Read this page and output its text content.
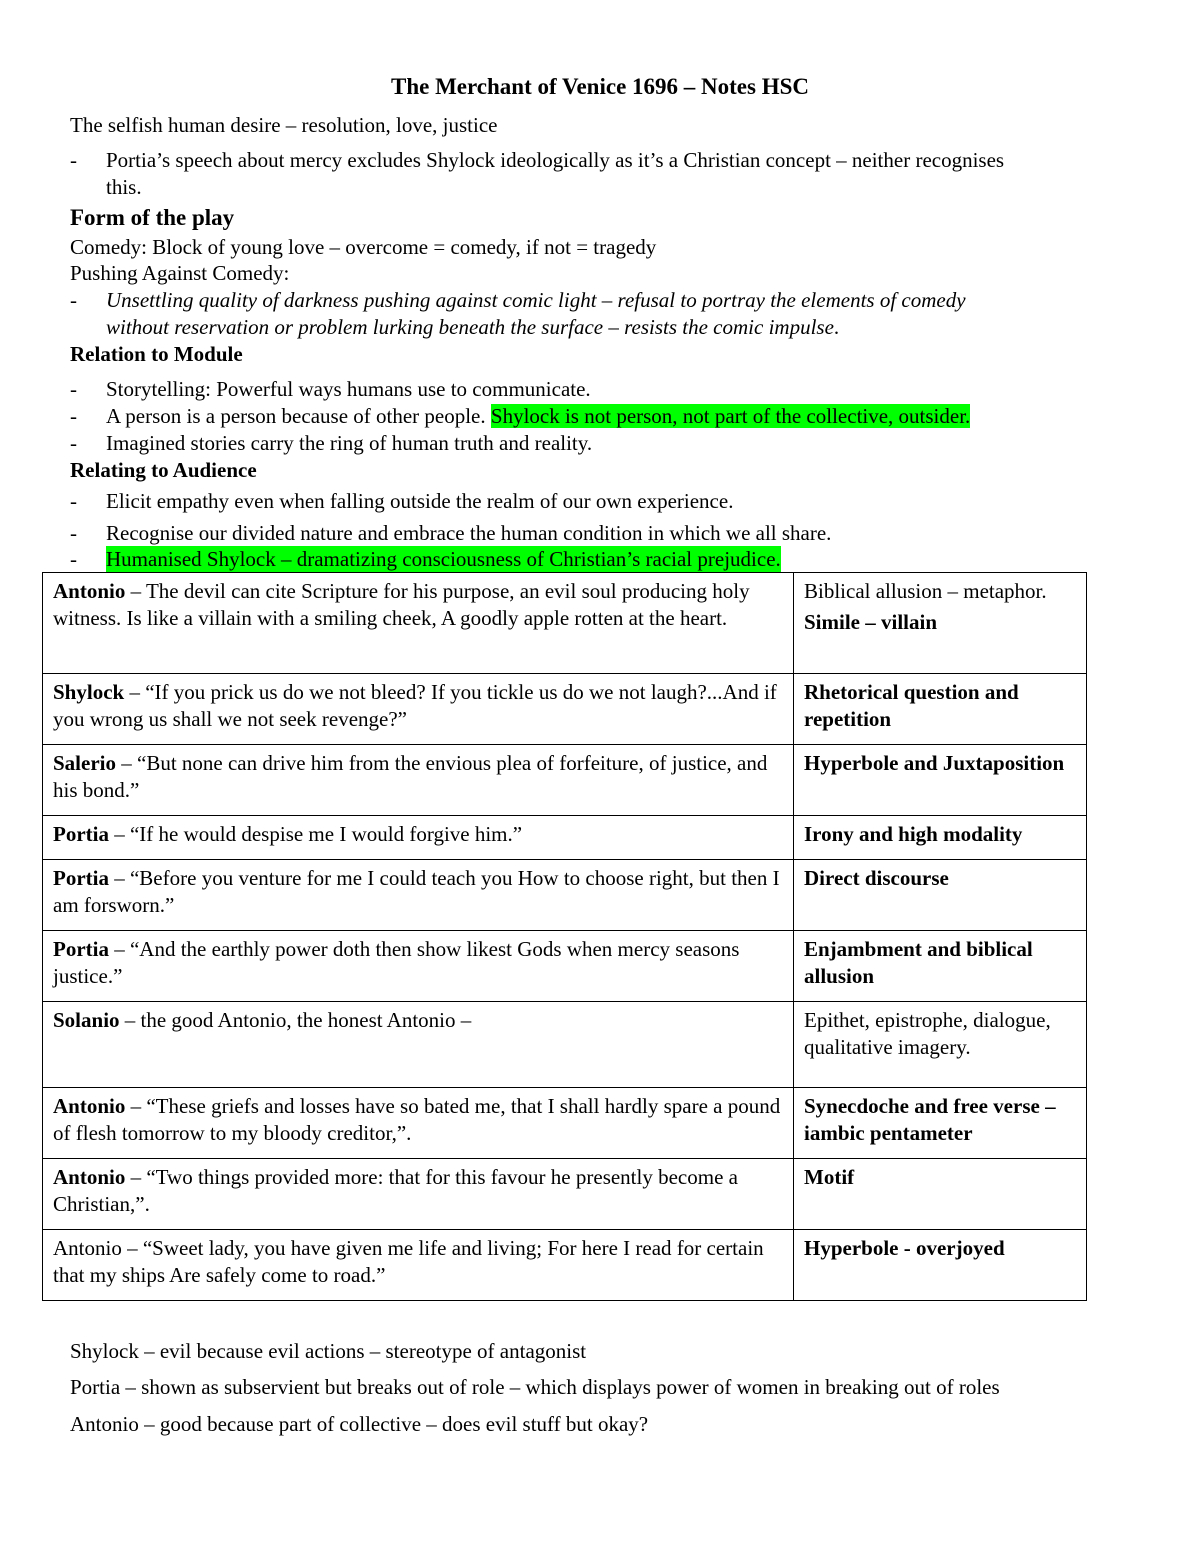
The Merchant of Venice 1696 – Notes HSC
The selfish human desire – resolution, love, justice
- Portia’s speech about mercy excludes Shylock ideologically as it’s a Christian concept – neither recognises
this.
Form of the play
Comedy: Block of young love – overcome = comedy, if not = tragedy
Pushing Against Comedy:
- Unsettling quality of darkness pushing against comic light – refusal to portray the elements of comedy
without reservation or problem lurking beneath the surface – resists the comic impulse.
Relation to Module
- Storytelling: Powerful ways humans use to communicate.
- A person is a person because of other people. Shylock is not person, not part of the collective, outsider.
- Imagined stories carry the ring of human truth and reality.
Relating to Audience
- Elicit empathy even when falling outside the realm of our own experience.
- Recognise our divided nature and embrace the human condition in which we all share.
- Humanised Shylock – dramatizing consciousness of Christian’s racial prejudice.
Antonio – The devil can cite Scripture for his purpose, an evil soul producing holy witness. Is like a villain with a smiling cheek, A goodly apple rotten at the heart.	Biblical allusion – metaphor.
Simile – villain

Shylock – “If you prick us do we not bleed? If you tickle us do we not laugh?...And if you wrong us shall we not seek revenge?”	Rhetorical question and repetition
Salerio – “But none can drive him from the envious plea of forfeiture, of justice, and his bond.”	Hyperbole and Juxtaposition
Portia – “If he would despise me I would forgive him.”	Irony and high modality
Portia – “Before you venture for me I could teach you How to choose right, but then I am forsworn.”	Direct discourse
Portia – “And the earthly power doth then show likest Gods when mercy seasons justice.”	Enjambment and biblical allusion
Solanio – the good Antonio, the honest Antonio –	Epithet, epistrophe, dialogue, qualitative imagery.
Antonio – “These griefs and losses have so bated me, that I shall hardly spare a pound of flesh tomorrow to my bloody creditor,”.	Synecdoche and free verse – iambic pentameter
Antonio – “Two things provided more: that for this favour he presently become a Christian,”.	Motif
Antonio – “Sweet lady, you have given me life and living; For here I read for certain that my ships Are safely come to road.”	Hyperbole - overjoyed
Shylock – evil because evil actions – stereotype of antagonist
Portia – shown as subservient but breaks out of role – which displays power of women in breaking out of roles
Antonio – good because part of collective – does evil stuff but okay?
